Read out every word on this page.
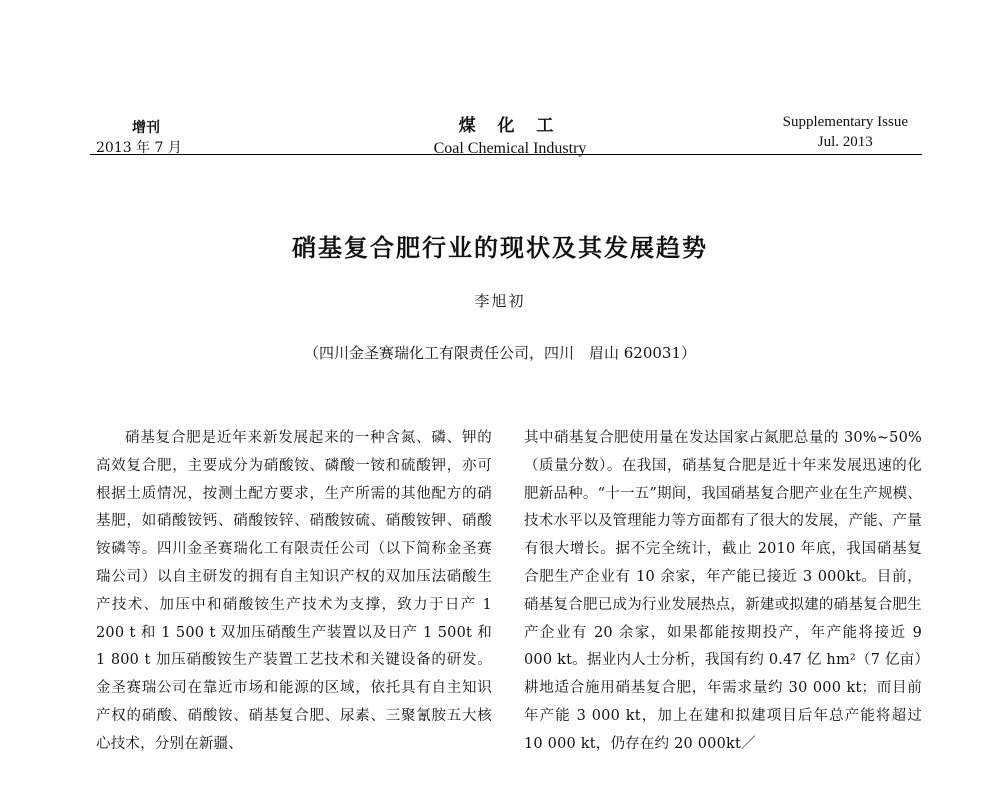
增刊
2013 年 7 月
煤 化 工
Coal Chemical Industry
Supplementary Issue
Jul. 2013
硝基复合肥行业的现状及其发展趋势
李旭初
（四川金圣赛瑞化工有限责任公司，四川　眉山 620031）

硝基复合肥是近年来新发展起来的一种含氮、磷、钾的高效复合肥，主要成分为硝酸铵、磷酸一铵和硫酸钾，亦可根据土质情况，按测土配方要求，生产所需的其他配方的硝基肥，如硝酸铵钙、硝酸铵锌、硝酸铵硫、硝酸铵钾、硝酸铵磷等。四川金圣赛瑞化工有限责任公司（以下简称金圣赛瑞公司）以自主研发的拥有自主知识产权的双加压法硝酸生产技术、加压中和硝酸铵生产技术为支撑，致力于日产 1 200 t 和 1 500 t 双加压硝酸生产装置以及日产 1 500t 和 1 800 t 加压硝酸铵生产装置工艺技术和关键设备的研发。金圣赛瑞公司在靠近市场和能源的区域，依托具有自主知识产权的硝酸、硝酸铵、硝基复合肥、尿素、三聚氰胺五大核心技术，分别在新疆、

其中硝基复合肥使用量在发达国家占氮肥总量的 30%~50%（质量分数）。在我国，硝基复合肥是近十年来发展迅速的化肥新品种。“十一五”期间，我国硝基复合肥产业在生产规模、技术水平以及管理能力等方面都有了很大的发展，产能、产量有很大增长。据不完全统计，截止 2010 年底，我国硝基复合肥生产企业有 10 余家，年产能已接近 3 000kt。目前，硝基复合肥已成为行业发展热点，新建或拟建的硝基复合肥生产企业有 20 余家，如果都能按期投产，年产能将接近 9 000 kt。据业内人士分析，我国有约 0.47 亿 hm²（7 亿亩）耕地适合施用硝基复合肥，年需求量约 30 000 kt；而目前年产能 3 000 kt，加上在建和拟建项目后年总产能将超过 10 000 kt，仍存在约 20 000kt／
